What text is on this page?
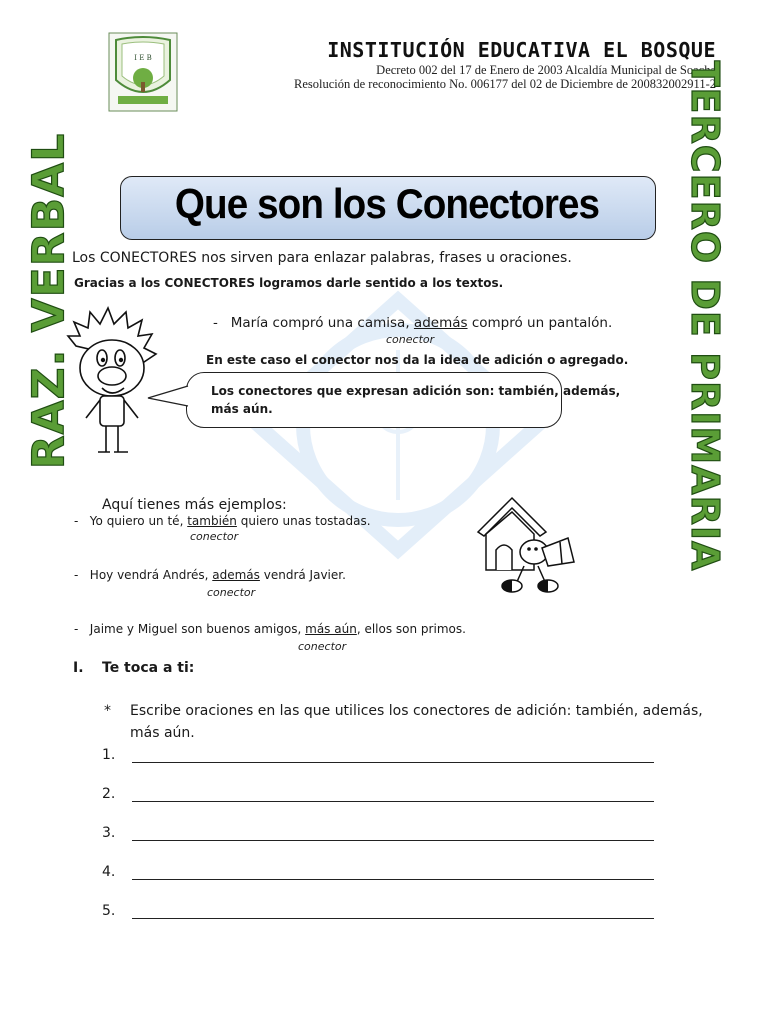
I E B	INSTITUCIÓN EDUCATIVA EL BOSQUE
Decreto 002 del 17 de Enero de 2003 Alcaldía Municipal de Soacha
Resolución de reconocimiento No. 006177 del 02 de Diciembre de 200832002911-2
RAZ. VERBAL	TERCERO DE PRIMARIA
Que son los Conectores
Los CONECTORES nos sirven para enlazar palabras, frases u oraciones.
Gracias a los CONECTORES logramos darle sentido a los textos.
- María compró una camisa, además compró un pantalón.
conector
En este caso el conector nos da la idea de adición o agregado.
Los conectores que expresan adición son: también, además,
más aún.
Aquí tienes más ejemplos:
- Yo quiero un té, también quiero unas tostadas.
conector
- Hoy vendrá Andrés, además vendrá Javier.
conector
- Jaime y Miguel son buenos amigos, más aún, ellos son primos.
conector
I. Te toca a ti:
* Escribe oraciones en las que utilices los conectores de adición: también, además,
más aún.
1.
2.
3.
4.
5.
